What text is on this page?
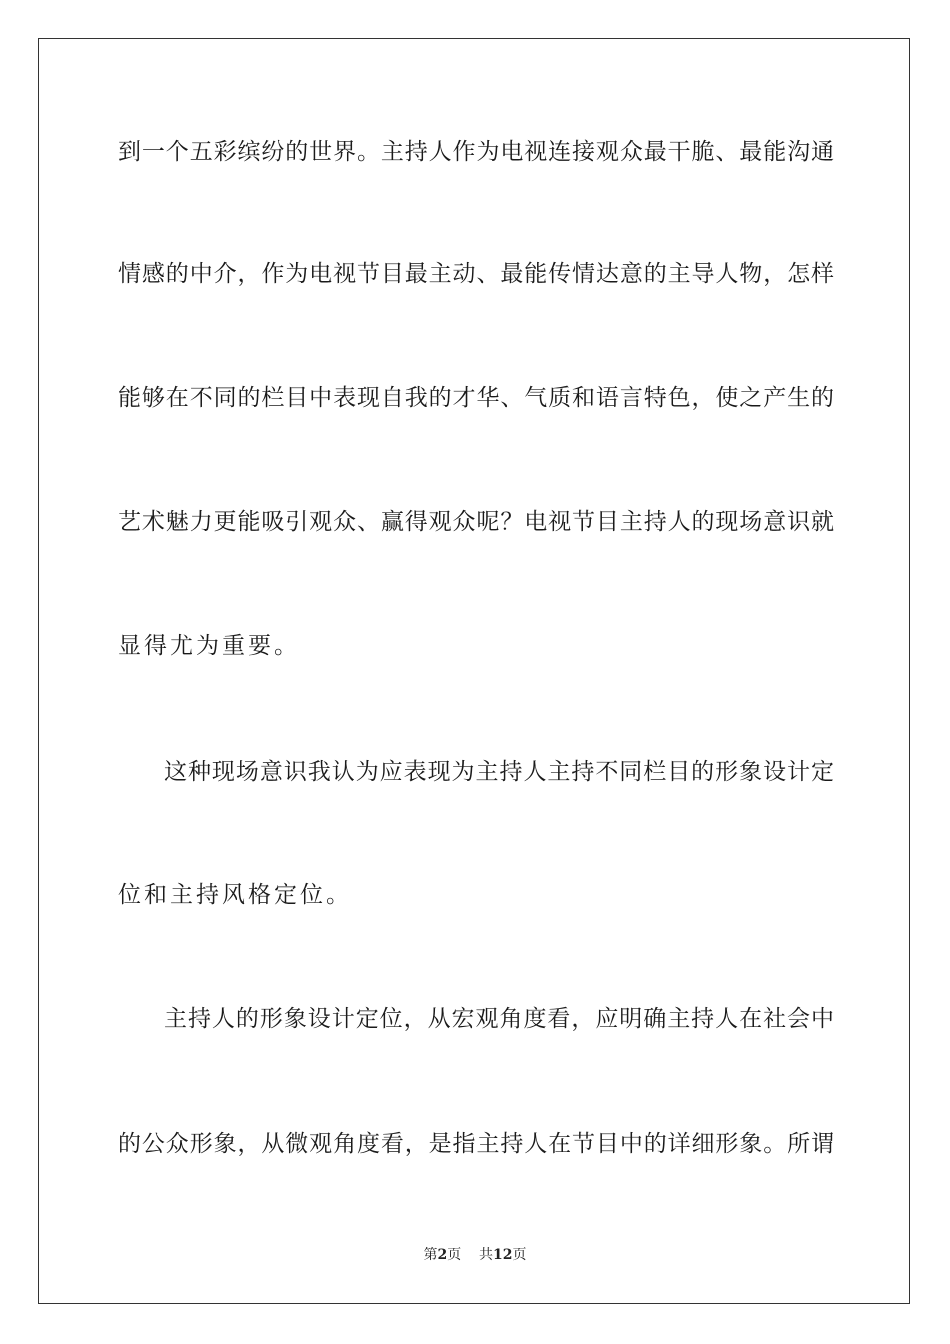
到一个五彩缤纷的世界。主持人作为电视连接观众最干脆、最能沟通
情感的中介，作为电视节目最主动、最能传情达意的主导人物，怎样
能够在不同的栏目中表现自我的才华、气质和语言特色，使之产生的
艺术魅力更能吸引观众、赢得观众呢？电视节目主持人的现场意识就
显得尤为重要。
这种现场意识我认为应表现为主持人主持不同栏目的形象设计定
位和主持风格定位。
主持人的形象设计定位，从宏观角度看，应明确主持人在社会中
的公众形象，从微观角度看，是指主持人在节目中的详细形象。所谓
第2页 共12页
